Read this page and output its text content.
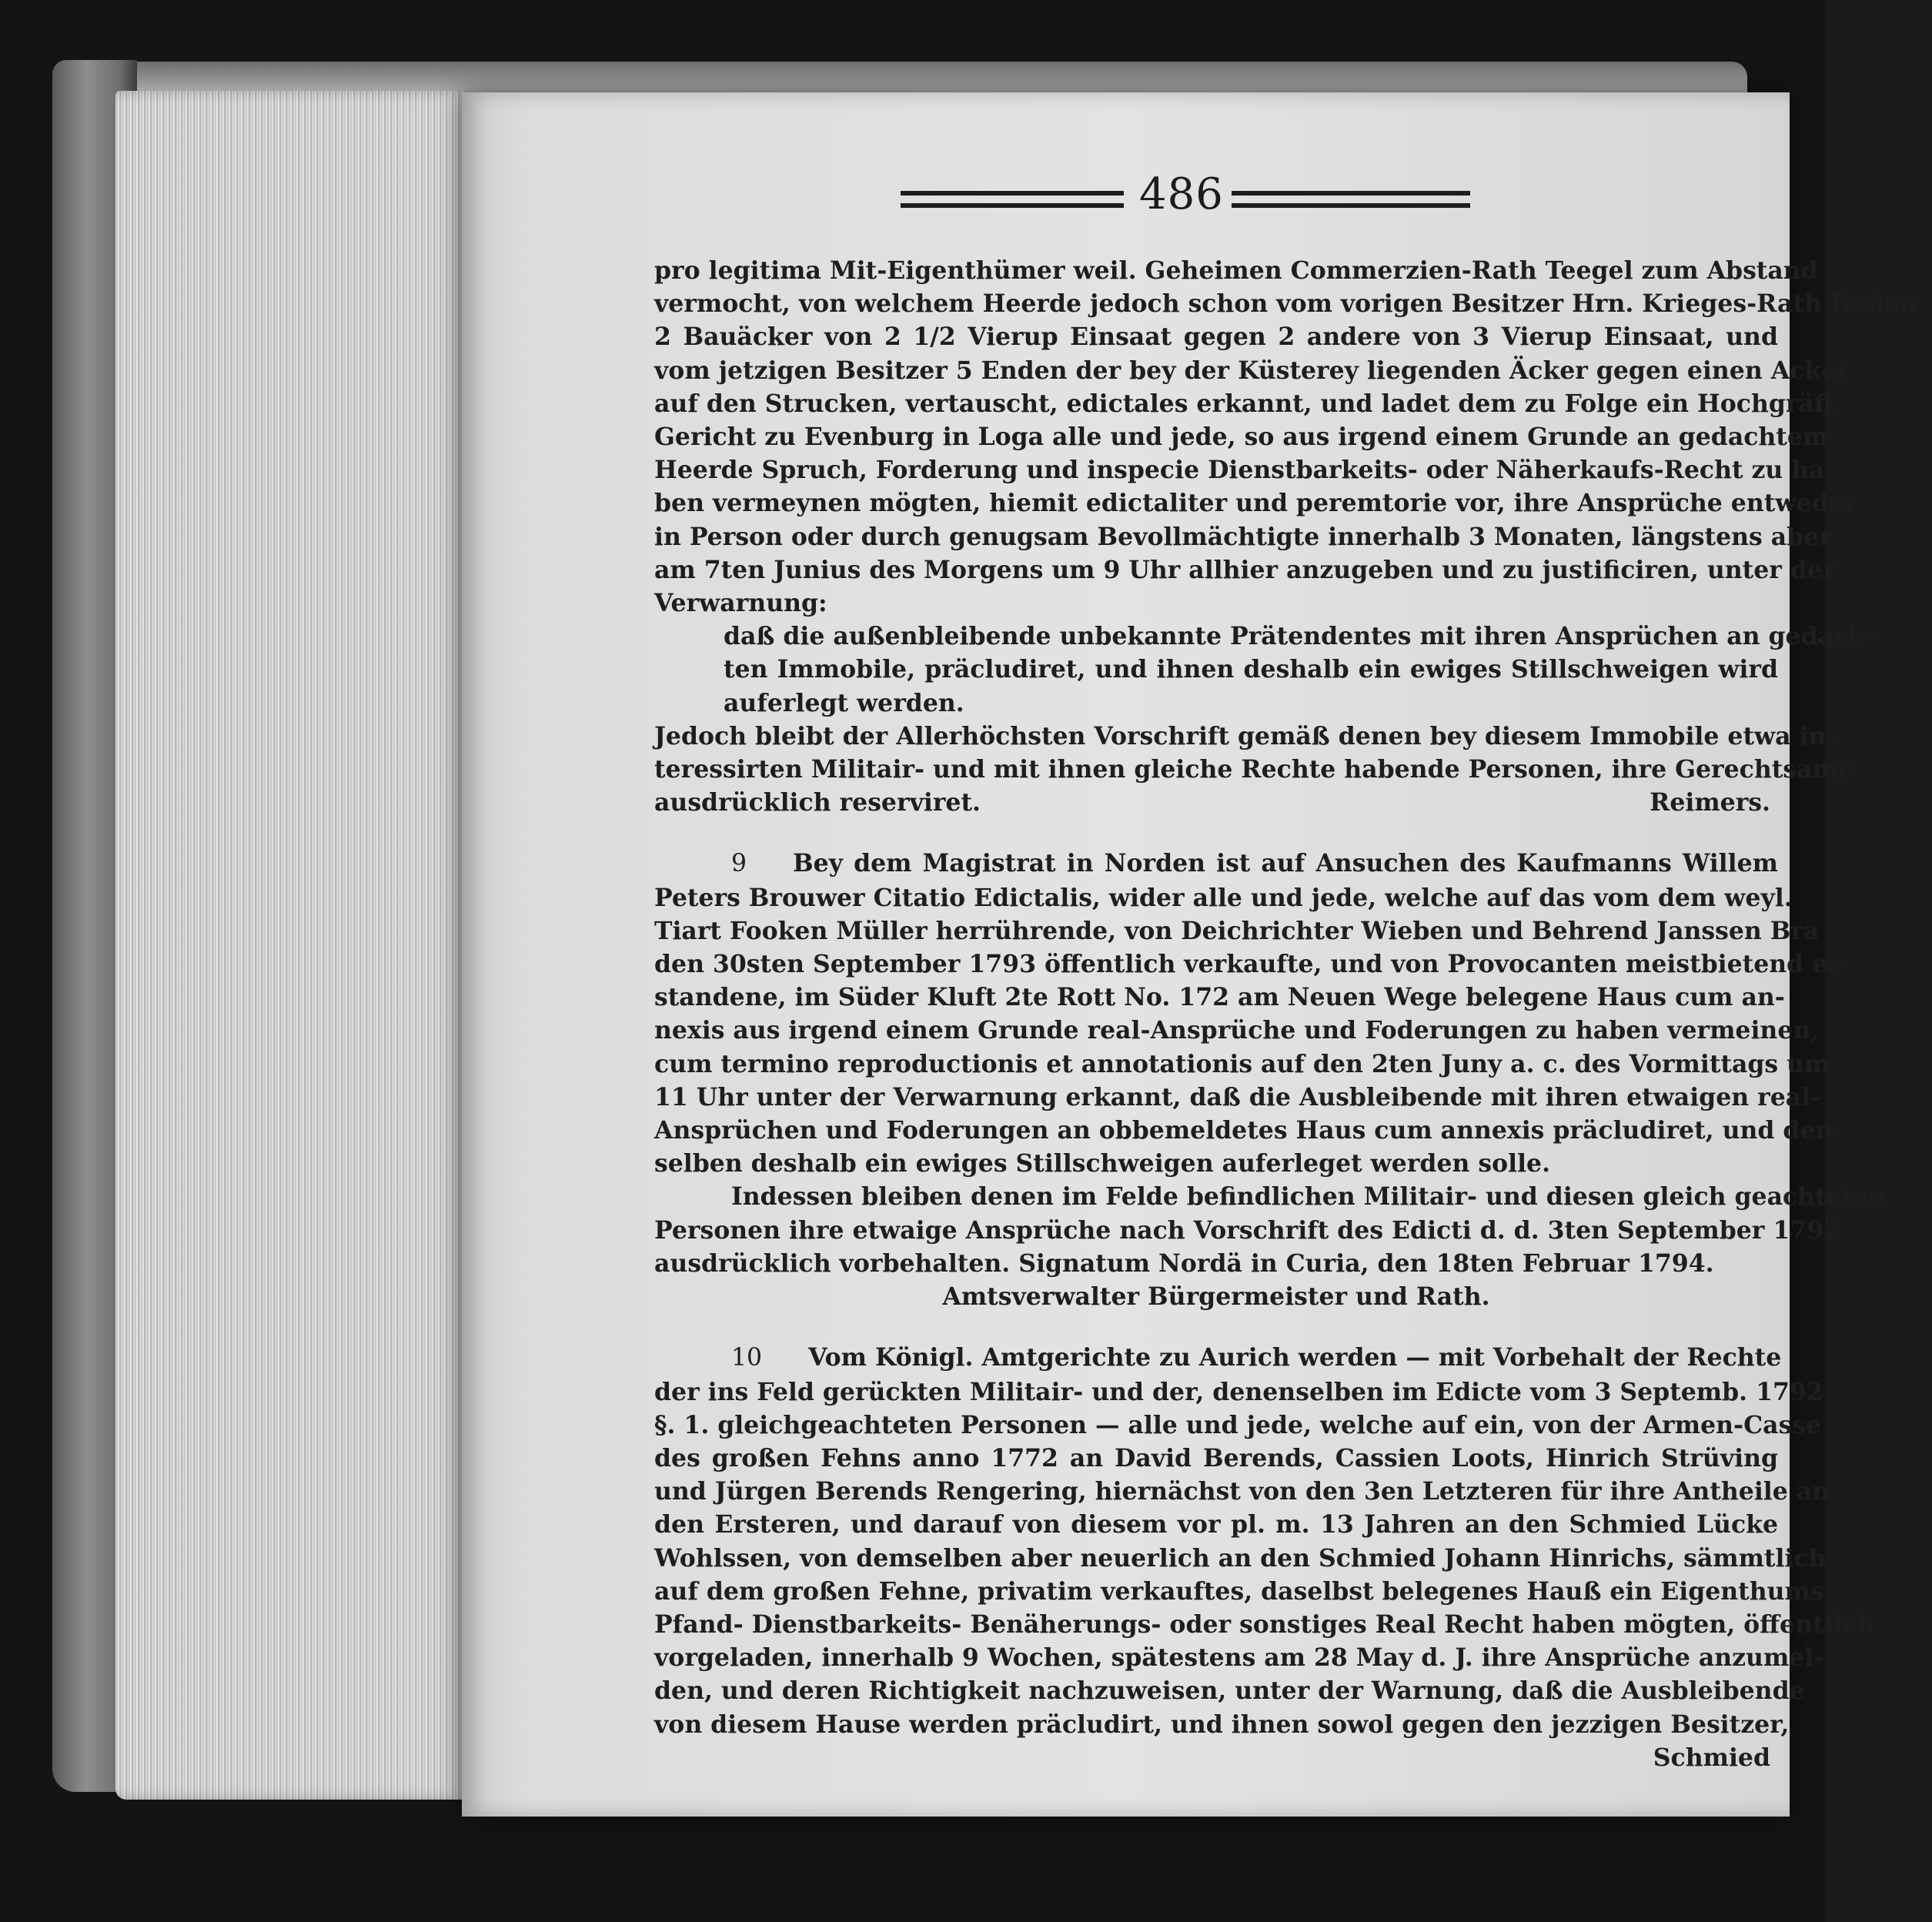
486
pro legitima Mit-Eigenthümer weil. Geheimen Commerzien-Rath Teegel zum Abstand
vermocht, von welchem Heerde jedoch schon vom vorigen Besitzer Hrn. Krieges-Rath Boden
2 Bauäcker von 2 1/2 Vierup Einsaat gegen 2 andere von 3 Vierup Einsaat, und
vom jetzigen Besitzer 5 Enden der bey der Küsterey liegenden Äcker gegen einen Acker
auf den Strucken, vertauscht, edictales erkannt, und ladet dem zu Folge ein Hochgräfl.
Gericht zu Evenburg in Loga alle und jede, so aus irgend einem Grunde an gedachtem
Heerde Spruch, Forderung und inspecie Dienstbarkeits- oder Näherkaufs-Recht zu ha-
ben vermeynen mögten, hiemit edictaliter und peremtorie vor, ihre Ansprüche entweder
in Person oder durch genugsam Bevollmächtigte innerhalb 3 Monaten, längstens aber
am 7ten Junius des Morgens um 9 Uhr allhier anzugeben und zu justificiren, unter der
Verwarnung:
daß die außenbleibende unbekannte Prätendentes mit ihren Ansprüchen an gedach-
ten Immobile, präcludiret, und ihnen deshalb ein ewiges Stillschweigen wird
auferlegt werden.
Jedoch bleibt der Allerhöchsten Vorschrift gemäß denen bey diesem Immobile etwa in-
teressirten Militair- und mit ihnen gleiche Rechte habende Personen, ihre Gerechtsame
ausdrücklich reserviret.	Reimers.
9 Bey dem Magistrat in Norden ist auf Ansuchen des Kaufmanns Willem
Peters Brouwer Citatio Edictalis, wider alle und jede, welche auf das vom dem weyl.
Tiart Fooken Müller herrührende, von Deichrichter Wieben und Behrend Janssen Bra
den 30sten September 1793 öffentlich verkaufte, und von Provocanten meistbietend er-
standene, im Süder Kluft 2te Rott No. 172 am Neuen Wege belegene Haus cum an-
nexis aus irgend einem Grunde real-Ansprüche und Foderungen zu haben vermeinen,
cum termino reproductionis et annotationis auf den 2ten Juny a. c. des Vormittags um
11 Uhr unter der Verwarnung erkannt, daß die Ausbleibende mit ihren etwaigen real-
Ansprüchen und Foderungen an obbemeldetes Haus cum annexis präcludiret, und den-
selben deshalb ein ewiges Stillschweigen auferleget werden solle.
Indessen bleiben denen im Felde befindlichen Militair- und diesen gleich geachteten
Personen ihre etwaige Ansprüche nach Vorschrift des Edicti d. d. 3ten September 1792
ausdrücklich vorbehalten. Signatum Nordä in Curia, den 18ten Februar 1794.
Amtsverwalter Bürgermeister und Rath.
10 Vom Königl. Amtgerichte zu Aurich werden — mit Vorbehalt der Rechte
der ins Feld gerückten Militair- und der, denenselben im Edicte vom 3 Septemb. 1792
§. 1. gleichgeachteten Personen — alle und jede, welche auf ein, von der Armen-Casse
des großen Fehns anno 1772 an David Berends, Cassien Loots, Hinrich Strüving
und Jürgen Berends Rengering, hiernächst von den 3en Letzteren für ihre Antheile an
den Ersteren, und darauf von diesem vor pl. m. 13 Jahren an den Schmied Lücke
Wohlssen, von demselben aber neuerlich an den Schmied Johann Hinrichs, sämmtlich
auf dem großen Fehne, privatim verkauftes, daselbst belegenes Hauß ein Eigenthums-
Pfand- Dienstbarkeits- Benäherungs- oder sonstiges Real Recht haben mögten, öffentlich
vorgeladen, innerhalb 9 Wochen, spätestens am 28 May d. J. ihre Ansprüche anzumel-
den, und deren Richtigkeit nachzuweisen, unter der Warnung, daß die Ausbleibende
von diesem Hause werden präcludirt, und ihnen sowol gegen den jezzigen Besitzer,
Schmied
